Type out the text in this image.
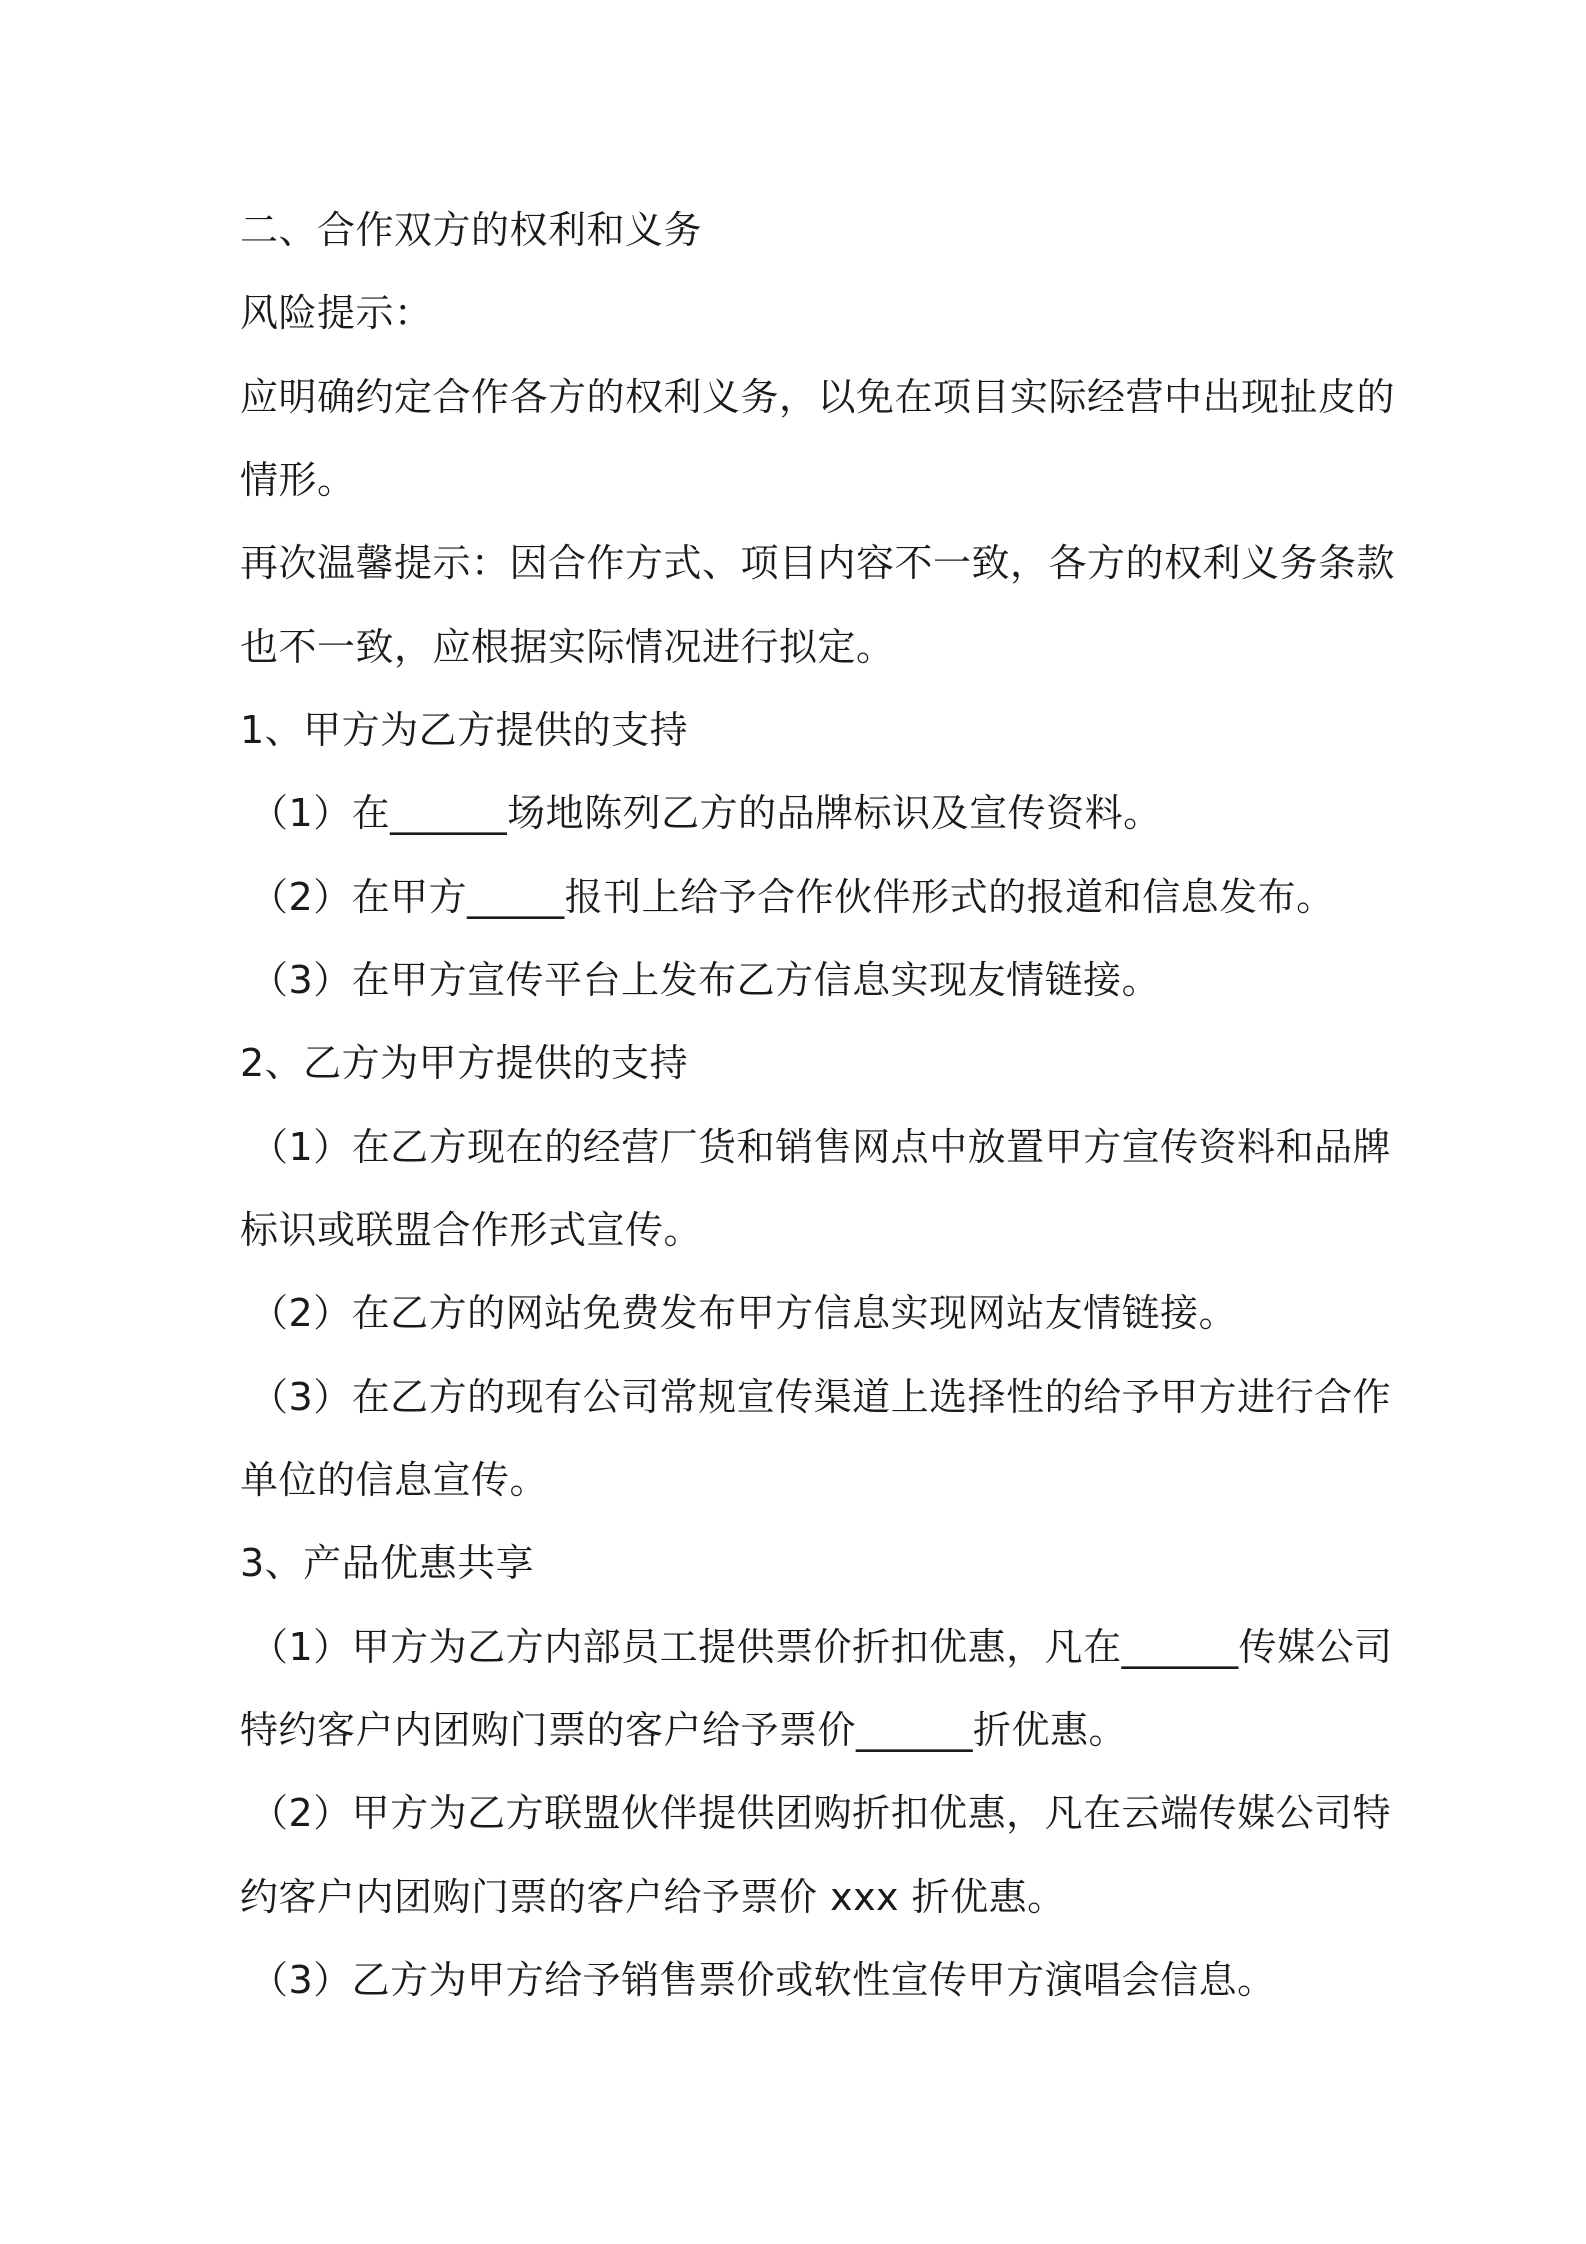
二、合作双方的权利和义务
风险提示：
应明确约定合作各方的权利义务，以免在项目实际经营中出现扯皮的
情形。
再次温馨提示：因合作方式、项目内容不一致，各方的权利义务条款
也不一致，应根据实际情况进行拟定。
1、甲方为乙方提供的支持
（1）在______场地陈列乙方的品牌标识及宣传资料。
（2）在甲方_____报刊上给予合作伙伴形式的报道和信息发布。
（3）在甲方宣传平台上发布乙方信息实现友情链接。
2、乙方为甲方提供的支持
（1）在乙方现在的经营厂货和销售网点中放置甲方宣传资料和品牌
标识或联盟合作形式宣传。
（2）在乙方的网站免费发布甲方信息实现网站友情链接。
（3）在乙方的现有公司常规宣传渠道上选择性的给予甲方进行合作
单位的信息宣传。
3、产品优惠共享
（1）甲方为乙方内部员工提供票价折扣优惠，凡在______传媒公司
特约客户内团购门票的客户给予票价______折优惠。
（2）甲方为乙方联盟伙伴提供团购折扣优惠，凡在云端传媒公司特
约客户内团购门票的客户给予票价 xxx 折优惠。
（3）乙方为甲方给予销售票价或软性宣传甲方演唱会信息。
